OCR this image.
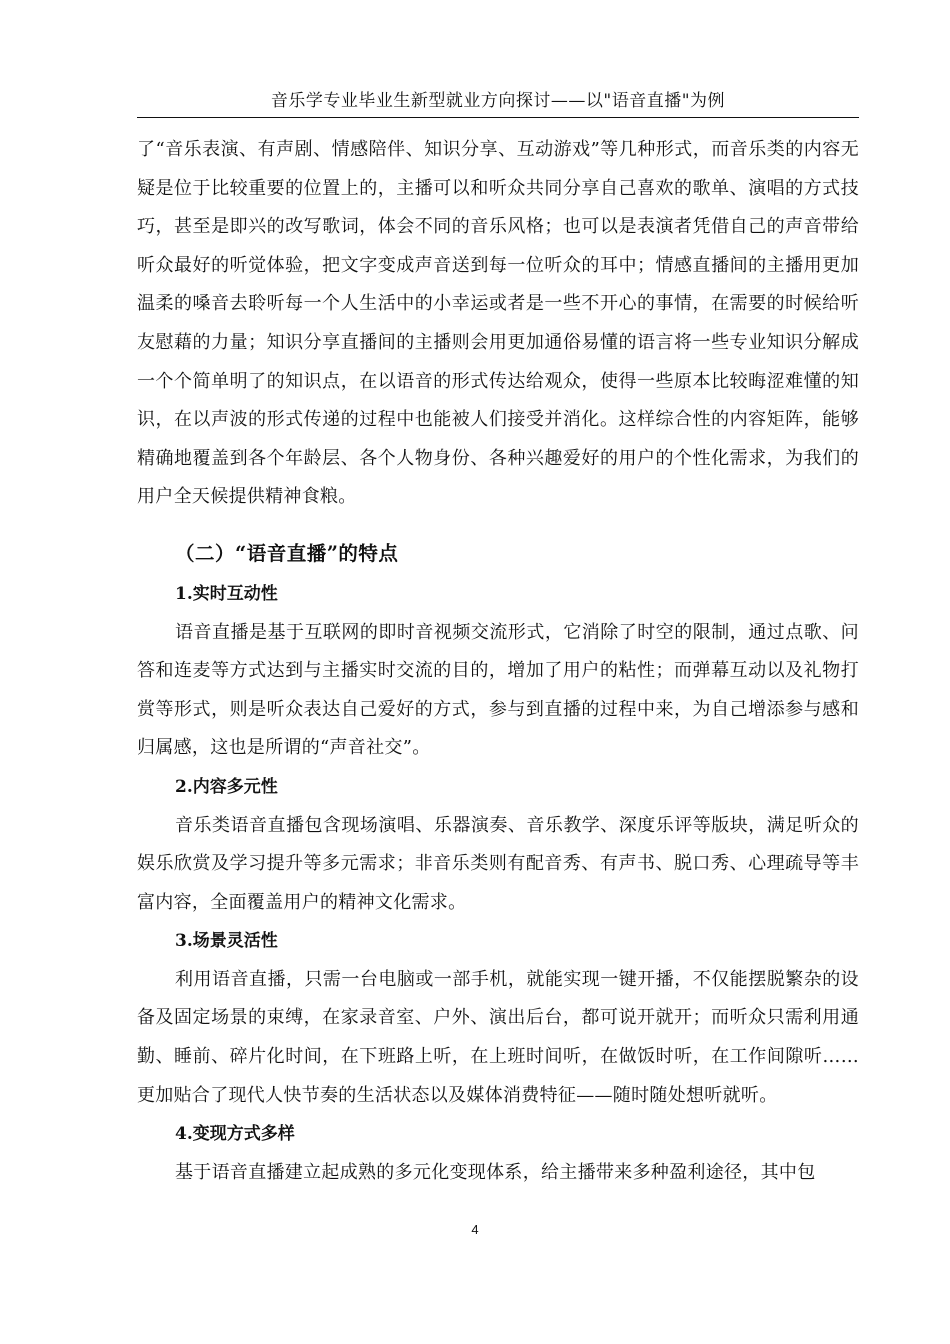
音乐学专业毕业生新型就业方向探讨——以"语音直播"为例

了“音乐表演、有声剧、情感陪伴、知识分享、互动游戏”等几种形式，而音乐类的内容无疑是位于比较重要的位置上的，主播可以和听众共同分享自己喜欢的歌单、演唱的方式技巧，甚至是即兴的改写歌词，体会不同的音乐风格；也可以是表演者凭借自己的声音带给听众最好的听觉体验，把文字变成声音送到每一位听众的耳中；情感直播间的主播用更加温柔的嗓音去聆听每一个人生活中的小幸运或者是一些不开心的事情，在需要的时候给听友慰藉的力量；知识分享直播间的主播则会用更加通俗易懂的语言将一些专业知识分解成一个个简单明了的知识点，在以语音的形式传达给观众，使得一些原本比较晦涩难懂的知识，在以声波的形式传递的过程中也能被人们接受并消化。这样综合性的内容矩阵，能够精确地覆盖到各个年龄层、各个人物身份、各种兴趣爱好的用户的个性化需求，为我们的用户全天候提供精神食粮。

（二）“语音直播”的特点
1.实时互动性

语音直播是基于互联网的即时音视频交流形式，它消除了时空的限制，通过点歌、问答和连麦等方式达到与主播实时交流的目的，增加了用户的粘性；而弹幕互动以及礼物打赏等形式，则是听众表达自己爱好的方式，参与到直播的过程中来，为自己增添参与感和归属感，这也是所谓的“声音社交”。

2.内容多元性

音乐类语音直播包含现场演唱、乐器演奏、音乐教学、深度乐评等版块，满足听众的娱乐欣赏及学习提升等多元需求；非音乐类则有配音秀、有声书、脱口秀、心理疏导等丰富内容，全面覆盖用户的精神文化需求。

3.场景灵活性

利用语音直播，只需一台电脑或一部手机，就能实现一键开播，不仅能摆脱繁杂的设备及固定场景的束缚，在家录音室、户外、演出后台，都可说开就开；而听众只需利用通勤、睡前、碎片化时间，在下班路上听，在上班时间听，在做饭时听，在工作间隙听……更加贴合了现代人快节奏的生活状态以及媒体消费特征——随时随处想听就听。

4.变现方式多样

基于语音直播建立起成熟的多元化变现体系，给主播带来多种盈利途径，其中包

4
